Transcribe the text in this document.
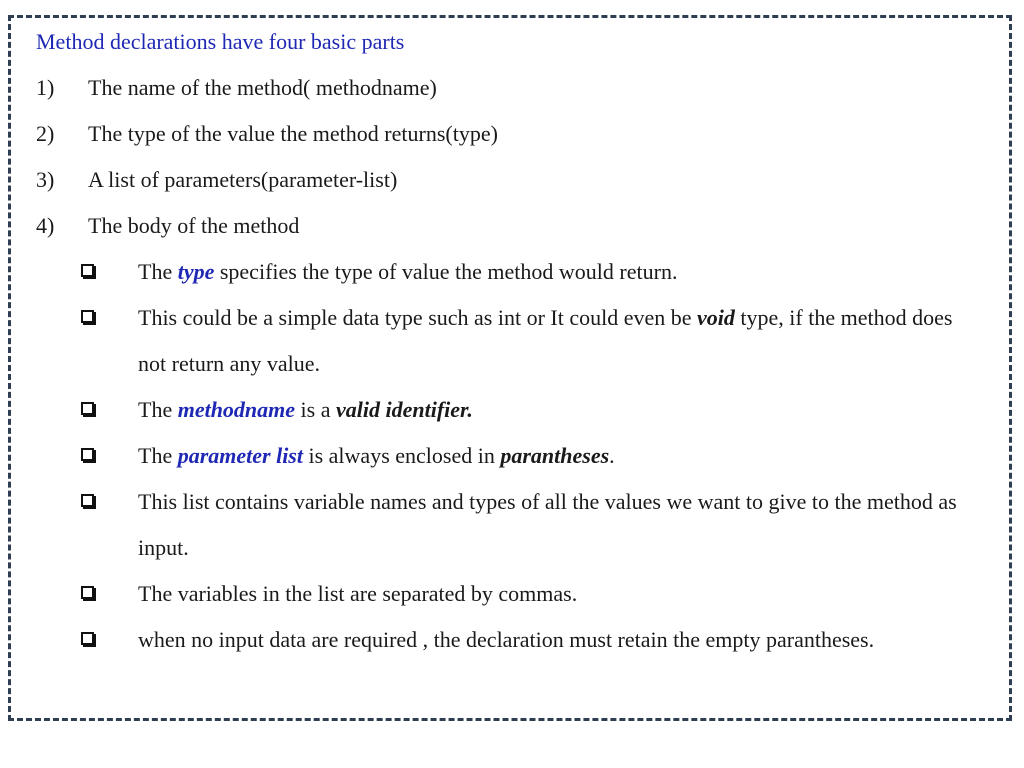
Method declarations have four basic parts
1) The name of the method( methodname)
2) The type of the value the method returns(type)
3) A list of parameters(parameter-list)
4) The body of the method
The type specifies the type of value the method would return.
This could be a simple data type such as int or It could even be void type, if the method does not return any value.
The methodname is a valid identifier.
The parameter list is always enclosed in parantheses.
This list contains variable names and types of all the values we want to give to the method as input.
The variables in the list are separated by commas.
when no input data are required , the declaration must retain the empty parantheses.
